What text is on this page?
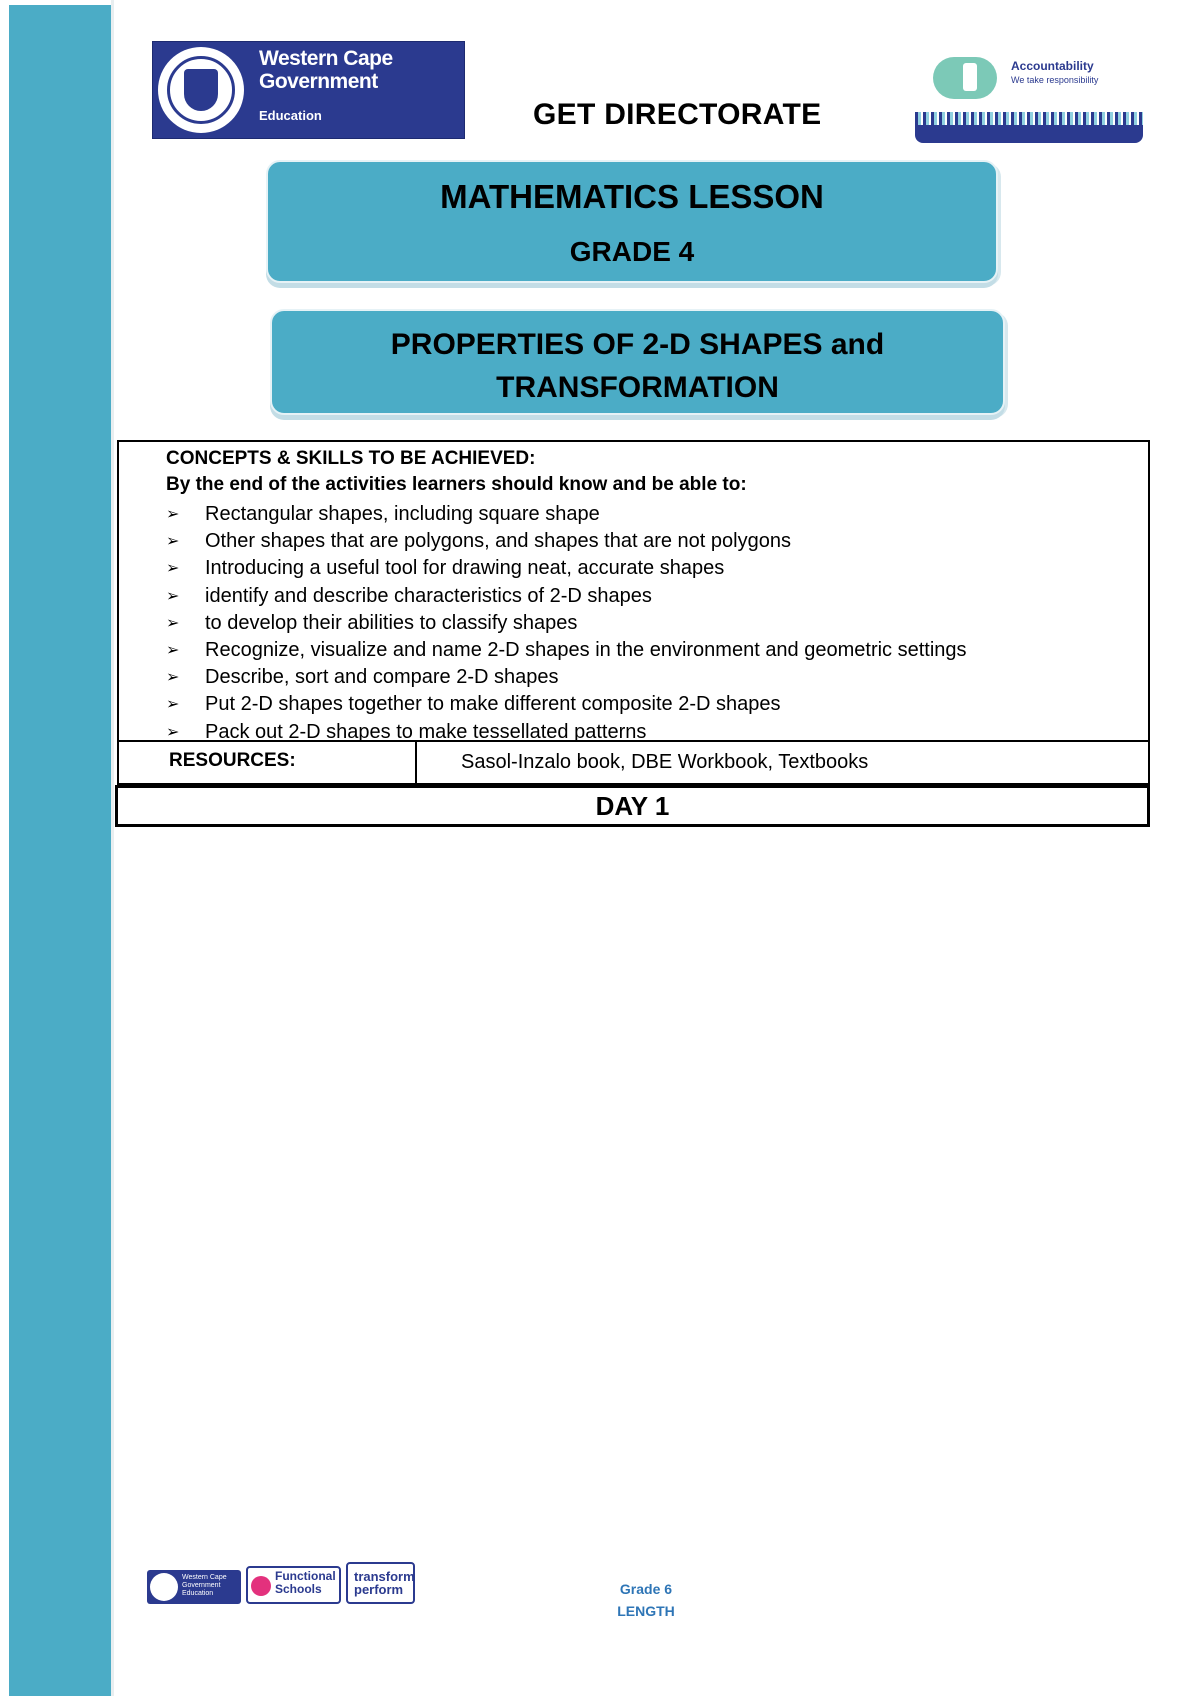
Western Cape
Government
Education	GET DIRECTORATE
Accountability
We take responsibility
MATHEMATICS LESSON
GRADE 4
PROPERTIES OF 2-D SHAPES and
TRANSFORMATION
CONCEPTS & SKILLS TO BE ACHIEVED:
By the end of the activities learners should know and be able to:
➢ Rectangular shapes, including square shape
➢ Other shapes that are polygons, and shapes that are not polygons
➢ Introducing a useful tool for drawing neat, accurate shapes
➢ identify and describe characteristics of 2-D shapes
➢ to develop their abilities to classify shapes
➢ Recognize, visualize and name 2-D shapes in the environment and geometric settings
➢ Describe, sort and compare 2-D shapes
➢ Put 2-D shapes together to make different composite 2-D shapes
➢ Pack out 2-D shapes to make tessellated patterns
RESOURCES:	Sasol-Inzalo book, DBE Workbook, Textbooks
DAY 1
Western Cape Government Education
Functional Schools
transform perform	Grade 6
LENGTH
